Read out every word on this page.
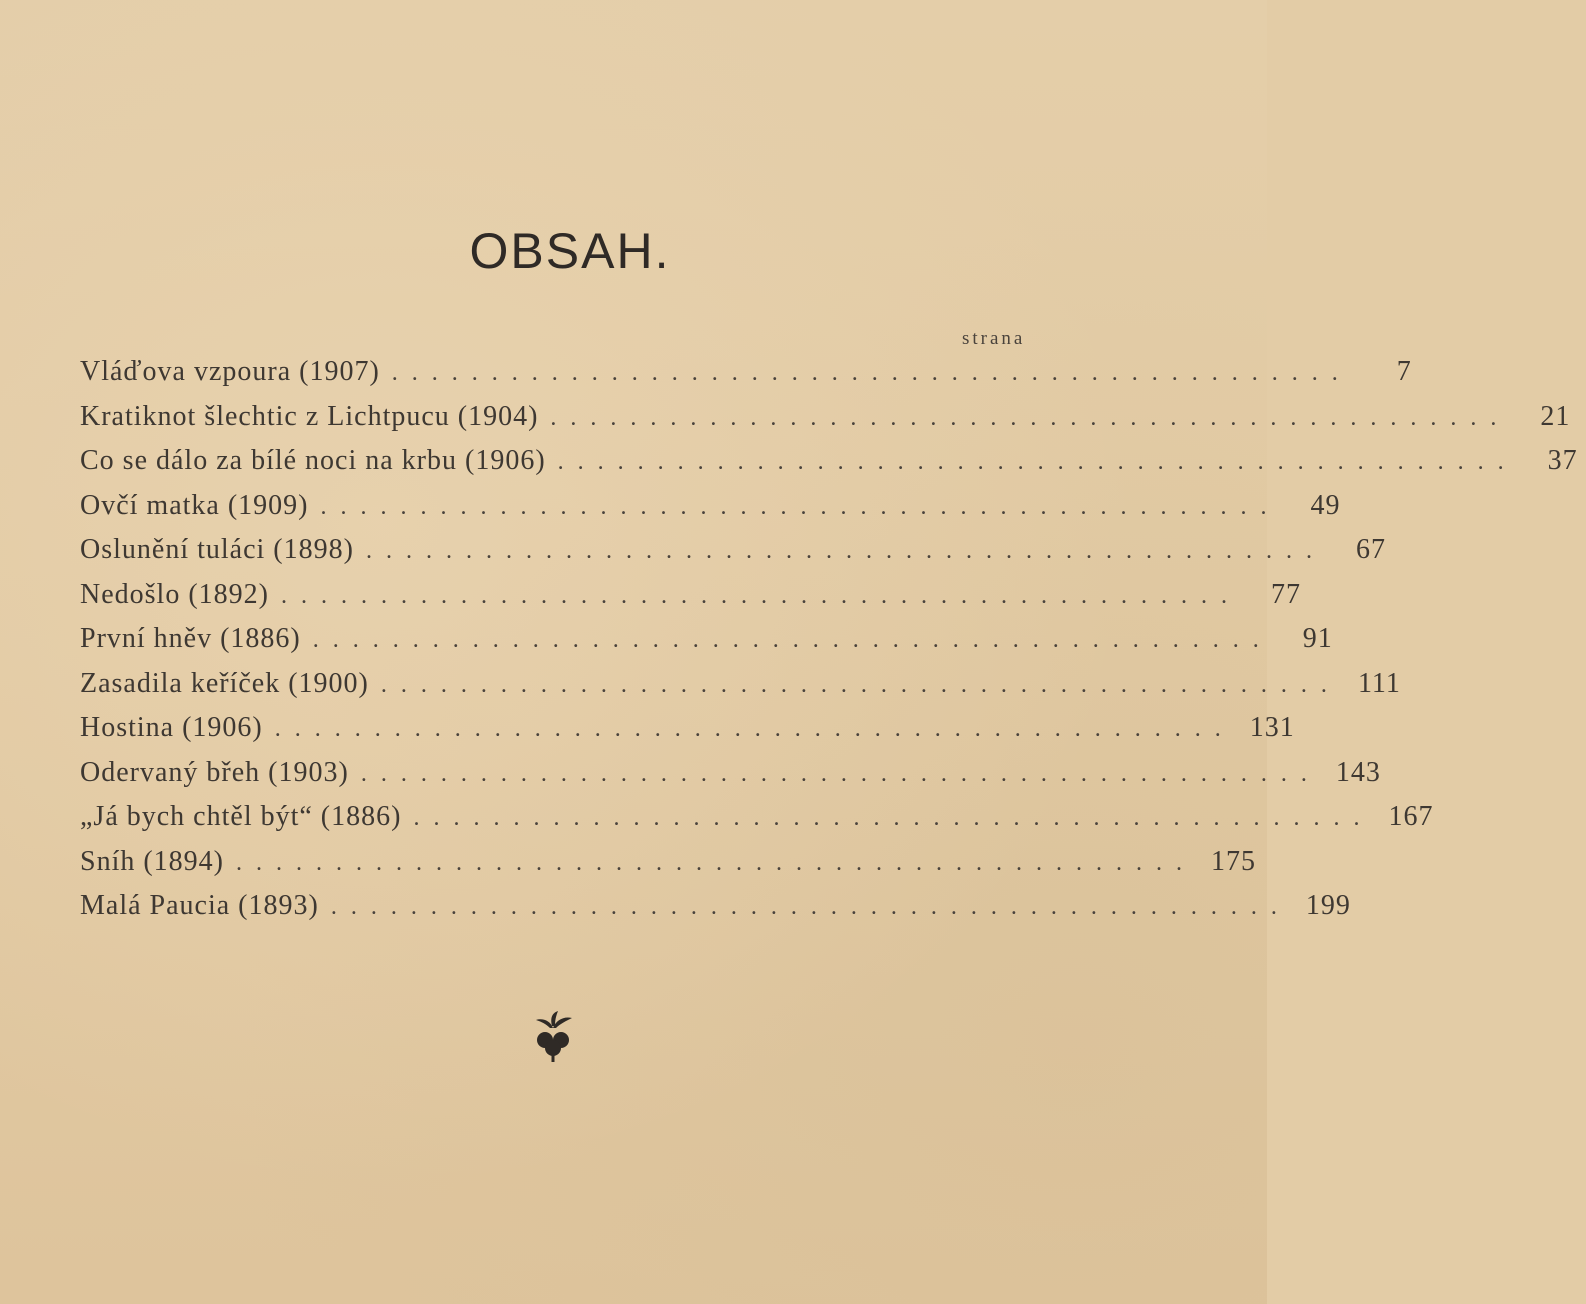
OBSAH.
strana
Vláďova vzpoura (1907) ................................................	7
Kratiknot šlechtic z Lichtpucu (1904) ................................................	21
Co se dálo za bílé noci na krbu (1906) ................................................	37
Ovčí matka (1909) ................................................	49
Oslunění tuláci (1898) ................................................	67
Nedošlo (1892) ................................................	77
První hněv (1886) ................................................	91
Zasadila keříček (1900) ................................................ 111
Hostina (1906) ................................................ 131
Odervaný břeh (1903) ................................................ 143
„Já bych chtěl být“ (1886) ................................................ 167
Sníh (1894) ................................................ 175
Malá Paucia (1893) ................................................ 199
